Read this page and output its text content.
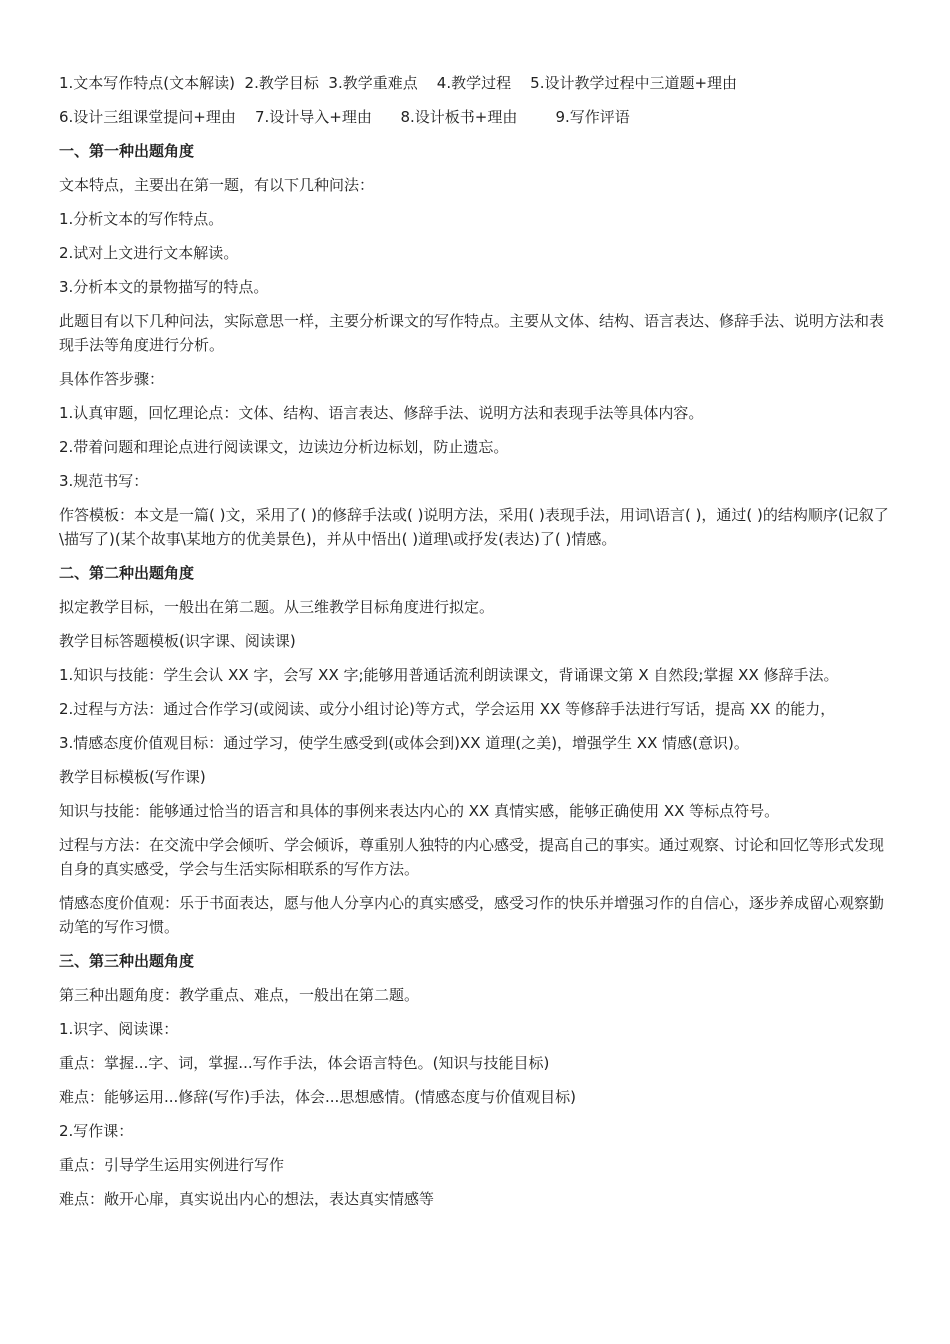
1.文本写作特点(文本解读)  2.教学目标  3.教学重难点    4.教学过程    5.设计教学过程中三道题+理由

6.设计三组课堂提问+理由    7.设计导入+理由      8.设计板书+理由        9.写作评语

一、第一种出题角度

文本特点，主要出在第一题，有以下几种问法：

1.分析文本的写作特点。

2.试对上文进行文本解读。

3.分析本文的景物描写的特点。

此题目有以下几种问法，实际意思一样，主要分析课文的写作特点。主要从文体、结构、语言表达、修辞手法、说明方法和表现手法等角度进行分析。

具体作答步骤：

1.认真审题，回忆理论点：文体、结构、语言表达、修辞手法、说明方法和表现手法等具体内容。

2.带着问题和理论点进行阅读课文，边读边分析边标划，防止遗忘。

3.规范书写：

作答模板：本文是一篇( )文，采用了( )的修辞手法或( )说明方法，采用( )表现手法，用词\语言( )，通过( )的结构顺序(记叙了\描写了)(某个故事\某地方的优美景色)，并从中悟出( )道理\或抒发(表达)了( )情感。

二、第二种出题角度

拟定教学目标，一般出在第二题。从三维教学目标角度进行拟定。

教学目标答题模板(识字课、阅读课)

1.知识与技能：学生会认 XX 字，会写 XX 字;能够用普通话流利朗读课文，背诵课文第 X 自然段;掌握 XX 修辞手法。

2.过程与方法：通过合作学习(或阅读、或分小组讨论)等方式，学会运用 XX 等修辞手法进行写话，提高 XX 的能力，

3.情感态度价值观目标：通过学习，使学生感受到(或体会到)XX 道理(之美)，增强学生 XX 情感(意识)。

教学目标模板(写作课)

知识与技能：能够通过恰当的语言和具体的事例来表达内心的 XX 真情实感，能够正确使用 XX 等标点符号。

过程与方法：在交流中学会倾听、学会倾诉，尊重别人独特的内心感受，提高自己的事实。通过观察、讨论和回忆等形式发现自身的真实感受，学会与生活实际相联系的写作方法。

情感态度价值观：乐于书面表达，愿与他人分享内心的真实感受，感受习作的快乐并增强习作的自信心，逐步养成留心观察勤动笔的写作习惯。

三、第三种出题角度

第三种出题角度：教学重点、难点，一般出在第二题。

1.识字、阅读课：

重点：掌握...字、词，掌握...写作手法，体会语言特色。(知识与技能目标)

难点：能够运用...修辞(写作)手法，体会...思想感情。(情感态度与价值观目标)

2.写作课：

重点：引导学生运用实例进行写作

难点：敞开心扉，真实说出内心的想法，表达真实情感等
